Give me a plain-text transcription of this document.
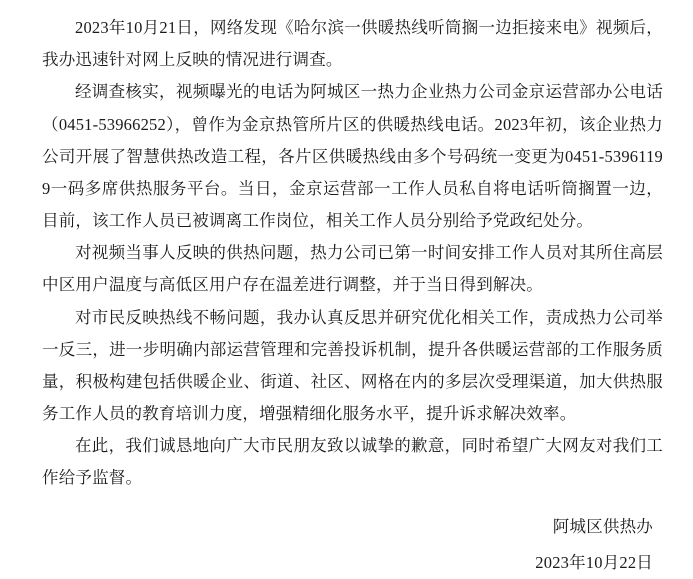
2023年10月21日，网络发现《哈尔滨一供暖热线听筒搁一边拒接来电》视频后，我办迅速针对网上反映的情况进行调查。

经调查核实，视频曝光的电话为阿城区一热力企业热力公司金京运营部办公电话（0451-53966252），曾作为金京热管所片区的供暖热线电话。2023年初，该企业热力公司开展了智慧供热改造工程，各片区供暖热线由多个号码统一变更为0451-53961199一码多席供热服务平台。当日，金京运营部一工作人员私自将电话听筒搁置一边，目前，该工作人员已被调离工作岗位，相关工作人员分别给予党政纪处分。

对视频当事人反映的供热问题，热力公司已第一时间安排工作人员对其所住高层中区用户温度与高低区用户存在温差进行调整，并于当日得到解决。

对市民反映热线不畅问题，我办认真反思并研究优化相关工作，责成热力公司举一反三，进一步明确内部运营管理和完善投诉机制，提升各供暖运营部的工作服务质量，积极构建包括供暖企业、街道、社区、网格在内的多层次受理渠道，加大供热服务工作人员的教育培训力度，增强精细化服务水平，提升诉求解决效率。

在此，我们诚恳地向广大市民朋友致以诚挚的歉意，同时希望广大网友对我们工作给予监督。

阿城区供热办
2023年10月22日
